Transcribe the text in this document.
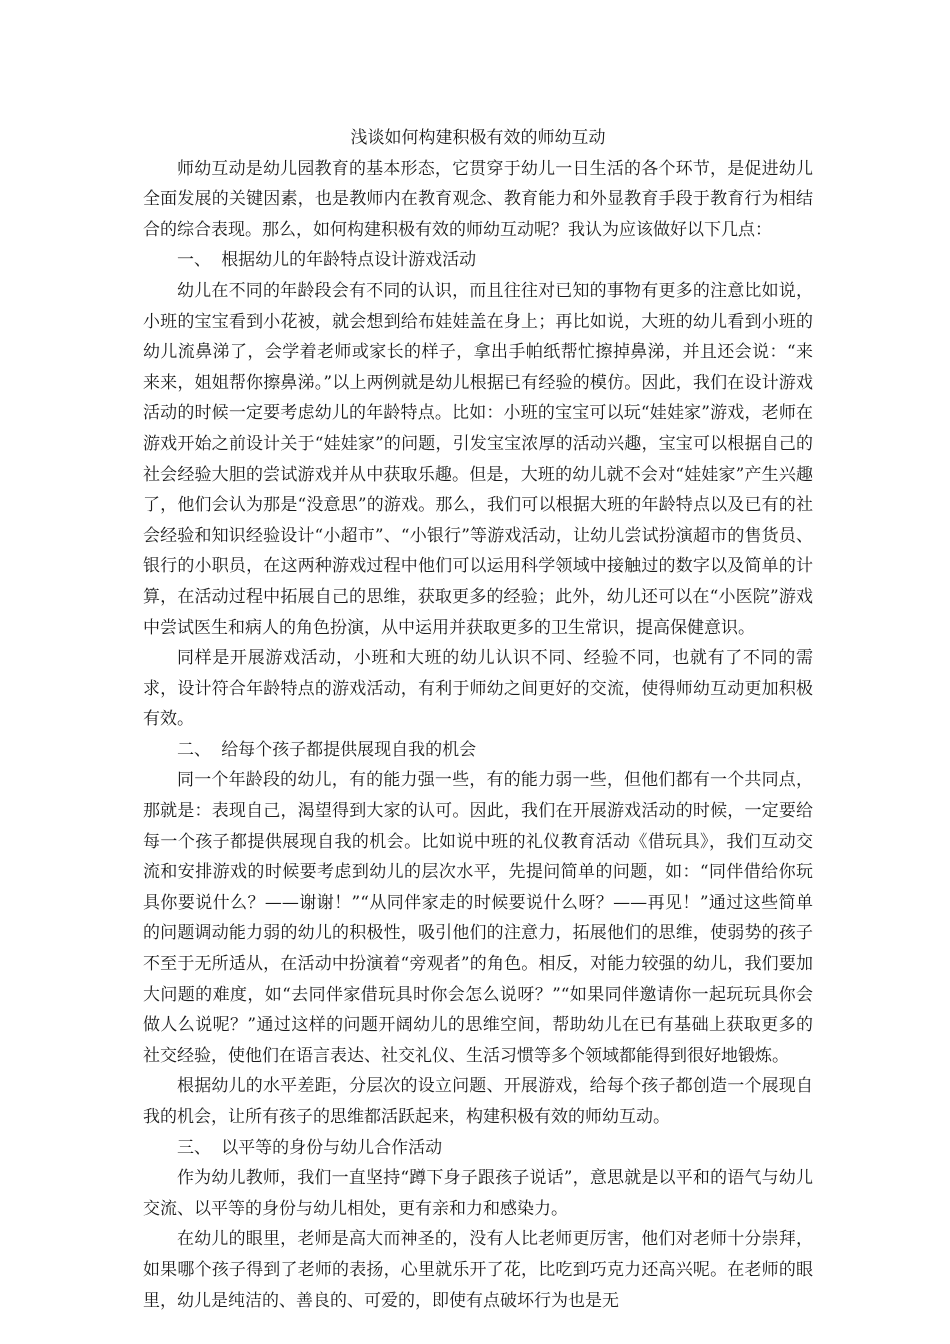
浅谈如何构建积极有效的师幼互动

师幼互动是幼儿园教育的基本形态，它贯穿于幼儿一日生活的各个环节，是促进幼儿全面发展的关键因素，也是教师内在教育观念、教育能力和外显教育手段于教育行为相结合的综合表现。那么，如何构建积极有效的师幼互动呢？我认为应该做好以下几点：

一、 根据幼儿的年龄特点设计游戏活动

幼儿在不同的年龄段会有不同的认识，而且往往对已知的事物有更多的注意比如说，小班的宝宝看到小花被，就会想到给布娃娃盖在身上；再比如说，大班的幼儿看到小班的幼儿流鼻涕了，会学着老师或家长的样子，拿出手帕纸帮忙擦掉鼻涕，并且还会说：“来来来，姐姐帮你擦鼻涕。”以上两例就是幼儿根据已有经验的模仿。因此，我们在设计游戏活动的时候一定要考虑幼儿的年龄特点。比如：小班的宝宝可以玩“娃娃家”游戏，老师在游戏开始之前设计关于“娃娃家”的问题，引发宝宝浓厚的活动兴趣，宝宝可以根据自己的社会经验大胆的尝试游戏并从中获取乐趣。但是，大班的幼儿就不会对“娃娃家”产生兴趣了，他们会认为那是“没意思”的游戏。那么，我们可以根据大班的年龄特点以及已有的社会经验和知识经验设计“小超市”、“小银行”等游戏活动，让幼儿尝试扮演超市的售货员、银行的小职员，在这两种游戏过程中他们可以运用科学领域中接触过的数字以及简单的计算，在活动过程中拓展自己的思维，获取更多的经验；此外，幼儿还可以在“小医院”游戏中尝试医生和病人的角色扮演，从中运用并获取更多的卫生常识，提高保健意识。

同样是开展游戏活动，小班和大班的幼儿认识不同、经验不同，也就有了不同的需求，设计符合年龄特点的游戏活动，有利于师幼之间更好的交流，使得师幼互动更加积极有效。

二、 给每个孩子都提供展现自我的机会

同一个年龄段的幼儿，有的能力强一些，有的能力弱一些，但他们都有一个共同点，那就是：表现自己，渴望得到大家的认可。因此，我们在开展游戏活动的时候，一定要给每一个孩子都提供展现自我的机会。比如说中班的礼仪教育活动《借玩具》，我们互动交流和安排游戏的时候要考虑到幼儿的层次水平，先提问简单的问题，如：“同伴借给你玩具你要说什么？——谢谢！”“从同伴家走的时候要说什么呀？——再见！”通过这些简单的问题调动能力弱的幼儿的积极性，吸引他们的注意力，拓展他们的思维，使弱势的孩子不至于无所适从，在活动中扮演着“旁观者”的角色。相反，对能力较强的幼儿，我们要加大问题的难度，如“去同伴家借玩具时你会怎么说呀？”“如果同伴邀请你一起玩玩具你会做人么说呢？”通过这样的问题开阔幼儿的思维空间，帮助幼儿在已有基础上获取更多的社交经验，使他们在语言表达、社交礼仪、生活习惯等多个领域都能得到很好地锻炼。

根据幼儿的水平差距，分层次的设立问题、开展游戏，给每个孩子都创造一个展现自我的机会，让所有孩子的思维都活跃起来，构建积极有效的师幼互动。

三、 以平等的身份与幼儿合作活动

作为幼儿教师，我们一直坚持“蹲下身子跟孩子说话”，意思就是以平和的语气与幼儿交流、以平等的身份与幼儿相处，更有亲和力和感染力。

在幼儿的眼里，老师是高大而神圣的，没有人比老师更厉害，他们对老师十分崇拜，如果哪个孩子得到了老师的表扬，心里就乐开了花，比吃到巧克力还高兴呢。在老师的眼里，幼儿是纯洁的、善良的、可爱的，即使有点破坏行为也是无
